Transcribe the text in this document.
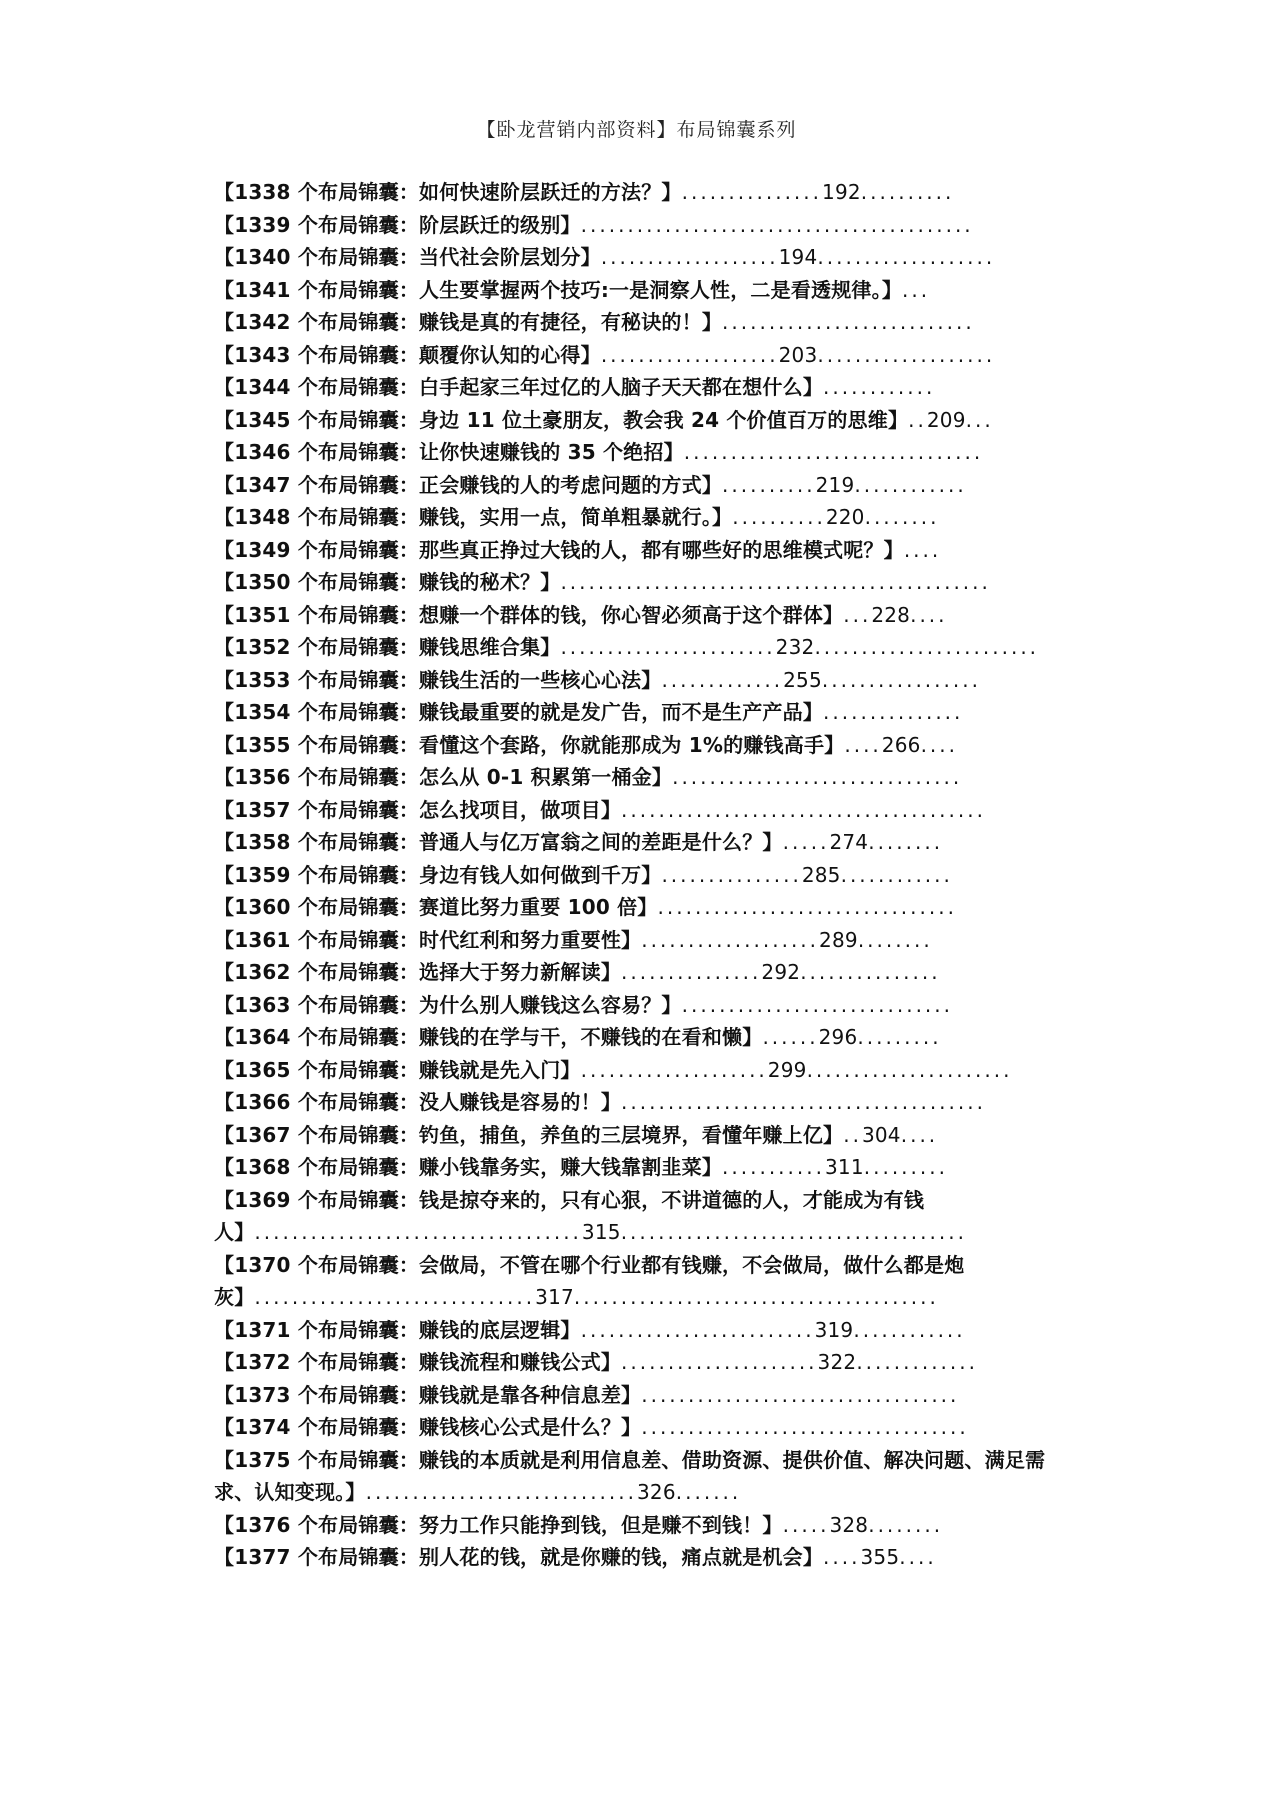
【卧龙营销内部资料】布局锦囊系列
【1338 个布局锦囊：如何快速阶层跃迁的方法？】...............192..........
【1339 个布局锦囊：阶层跃迁的级别】..........................................
【1340 个布局锦囊：当代社会阶层划分】...................194...................
【1341 个布局锦囊：人生要掌握两个技巧:一是洞察人性，二是看透规律。】...
【1342 个布局锦囊：赚钱是真的有捷径，有秘诀的！】...........................
【1343 个布局锦囊：颠覆你认知的心得】...................203...................
【1344 个布局锦囊：白手起家三年过亿的人脑子天天都在想什么】............
【1345 个布局锦囊：身边 11 位土豪朋友，教会我 24 个价值百万的思维】..209...
【1346 个布局锦囊：让你快速赚钱的 35 个绝招】................................
【1347 个布局锦囊：正会赚钱的人的考虑问题的方式】..........219............
【1348 个布局锦囊：赚钱，实用一点，简单粗暴就行。】..........220........
【1349 个布局锦囊：那些真正挣过大钱的人，都有哪些好的思维模式呢？】....
【1350 个布局锦囊：赚钱的秘术？】..............................................
【1351 个布局锦囊：想赚一个群体的钱，你心智必须高于这个群体】...228....
【1352 个布局锦囊：赚钱思维合集】.......................232........................
【1353 个布局锦囊：赚钱生活的一些核心心法】.............255.................
【1354 个布局锦囊：赚钱最重要的就是发广告，而不是生产产品】...............
【1355 个布局锦囊：看懂这个套路，你就能那成为 1%的赚钱高手】....266....
【1356 个布局锦囊：怎么从 0-1 积累第一桶金】...............................
【1357 个布局锦囊：怎么找项目，做项目】.......................................
【1358 个布局锦囊：普通人与亿万富翁之间的差距是什么？】.....274........
【1359 个布局锦囊：身边有钱人如何做到千万】...............285............
【1360 个布局锦囊：赛道比努力重要 100 倍】................................
【1361 个布局锦囊：时代红利和努力重要性】...................289........
【1362 个布局锦囊：选择大于努力新解读】...............292...............
【1363 个布局锦囊：为什么别人赚钱这么容易？】.............................
【1364 个布局锦囊：赚钱的在学与干，不赚钱的在看和懒】......296.........
【1365 个布局锦囊：赚钱就是先入门】....................299......................
【1366 个布局锦囊：没人赚钱是容易的！】.......................................
【1367 个布局锦囊：钓鱼，捕鱼，养鱼的三层境界，看懂年赚上亿】..304....
【1368 个布局锦囊：赚小钱靠务实，赚大钱靠割韭菜】...........311.........
【1369 个布局锦囊：钱是掠夺来的，只有心狠，不讲道德的人，才能成为有钱人】...................................315.....................................
【1370 个布局锦囊：会做局，不管在哪个行业都有钱赚，不会做局，做什么都是炮灰】..............................317.......................................
【1371 个布局锦囊：赚钱的底层逻辑】.........................319............
【1372 个布局锦囊：赚钱流程和赚钱公式】.....................322.............
【1373 个布局锦囊：赚钱就是靠各种信息差】..................................
【1374 个布局锦囊：赚钱核心公式是什么？】...................................
【1375 个布局锦囊：赚钱的本质就是利用信息差、借助资源、提供价值、解决问题、满足需求、认知变现。】.............................326.......
【1376 个布局锦囊：努力工作只能挣到钱，但是赚不到钱！】.....328........
【1377 个布局锦囊：别人花的钱，就是你赚的钱，痛点就是机会】....355....
